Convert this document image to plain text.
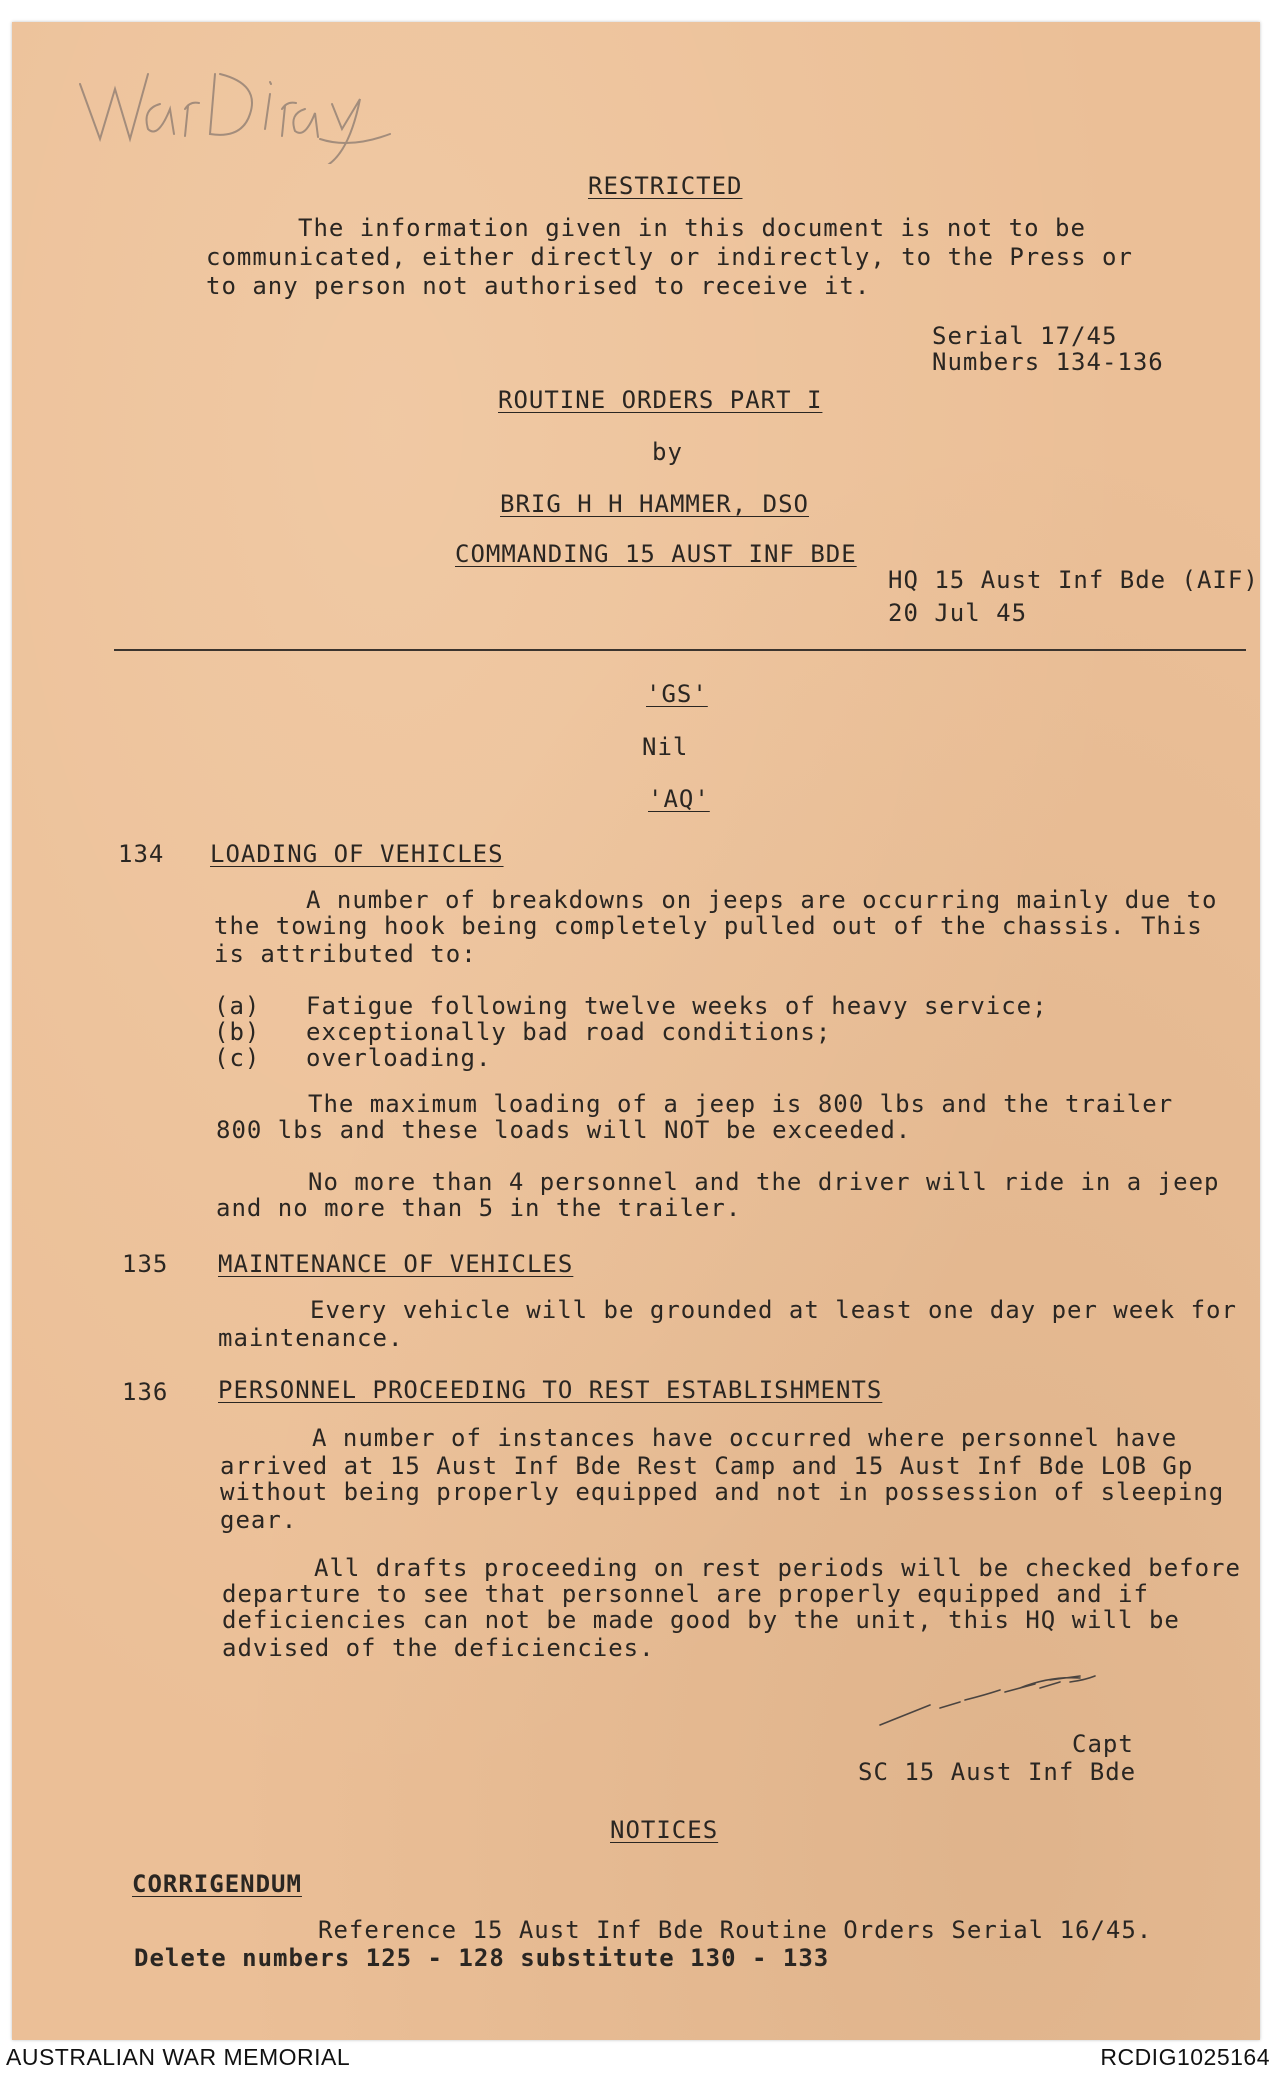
RESTRICTED
The information given in this document is not to be
communicated, either directly or indirectly, to the Press or
to any person not authorised to receive it.
Serial 17/45
Numbers 134-136
ROUTINE ORDERS PART I
by
BRIG H H HAMMER, DSO
COMMANDING 15 AUST INF BDE
HQ 15 Aust Inf Bde (AIF)
20 Jul 45
'GS'
Nil
'AQ'
134 LOADING OF VEHICLES
A number of breakdowns on jeeps are occurring mainly due to
the towing hook being completely pulled out of the chassis. This
is attributed to:
(a) Fatigue following twelve weeks of heavy service;
(b) exceptionally bad road conditions;
(c) overloading.
The maximum loading of a jeep is 800 lbs and the trailer
800 lbs and these loads will NOT be exceeded.
No more than 4 personnel and the driver will ride in a jeep
and no more than 5 in the trailer.
135 MAINTENANCE OF VEHICLES
Every vehicle will be grounded at least one day per week for
maintenance.
136 PERSONNEL PROCEEDING TO REST ESTABLISHMENTS
A number of instances have occurred where personnel have
arrived at 15 Aust Inf Bde Rest Camp and 15 Aust Inf Bde LOB Gp
without being properly equipped and not in possession of sleeping
gear.
All drafts proceeding on rest periods will be checked before
departure to see that personnel are properly equipped and if
deficiencies can not be made good by the unit, this HQ will be
advised of the deficiencies.
Capt
SC 15 Aust Inf Bde
NOTICES
CORRIGENDUM
Reference 15 Aust Inf Bde Routine Orders Serial 16/45.
Delete numbers 125 - 128 substitute 130 - 133
AUSTRALIAN WAR MEMORIAL	RCDIG1025164
